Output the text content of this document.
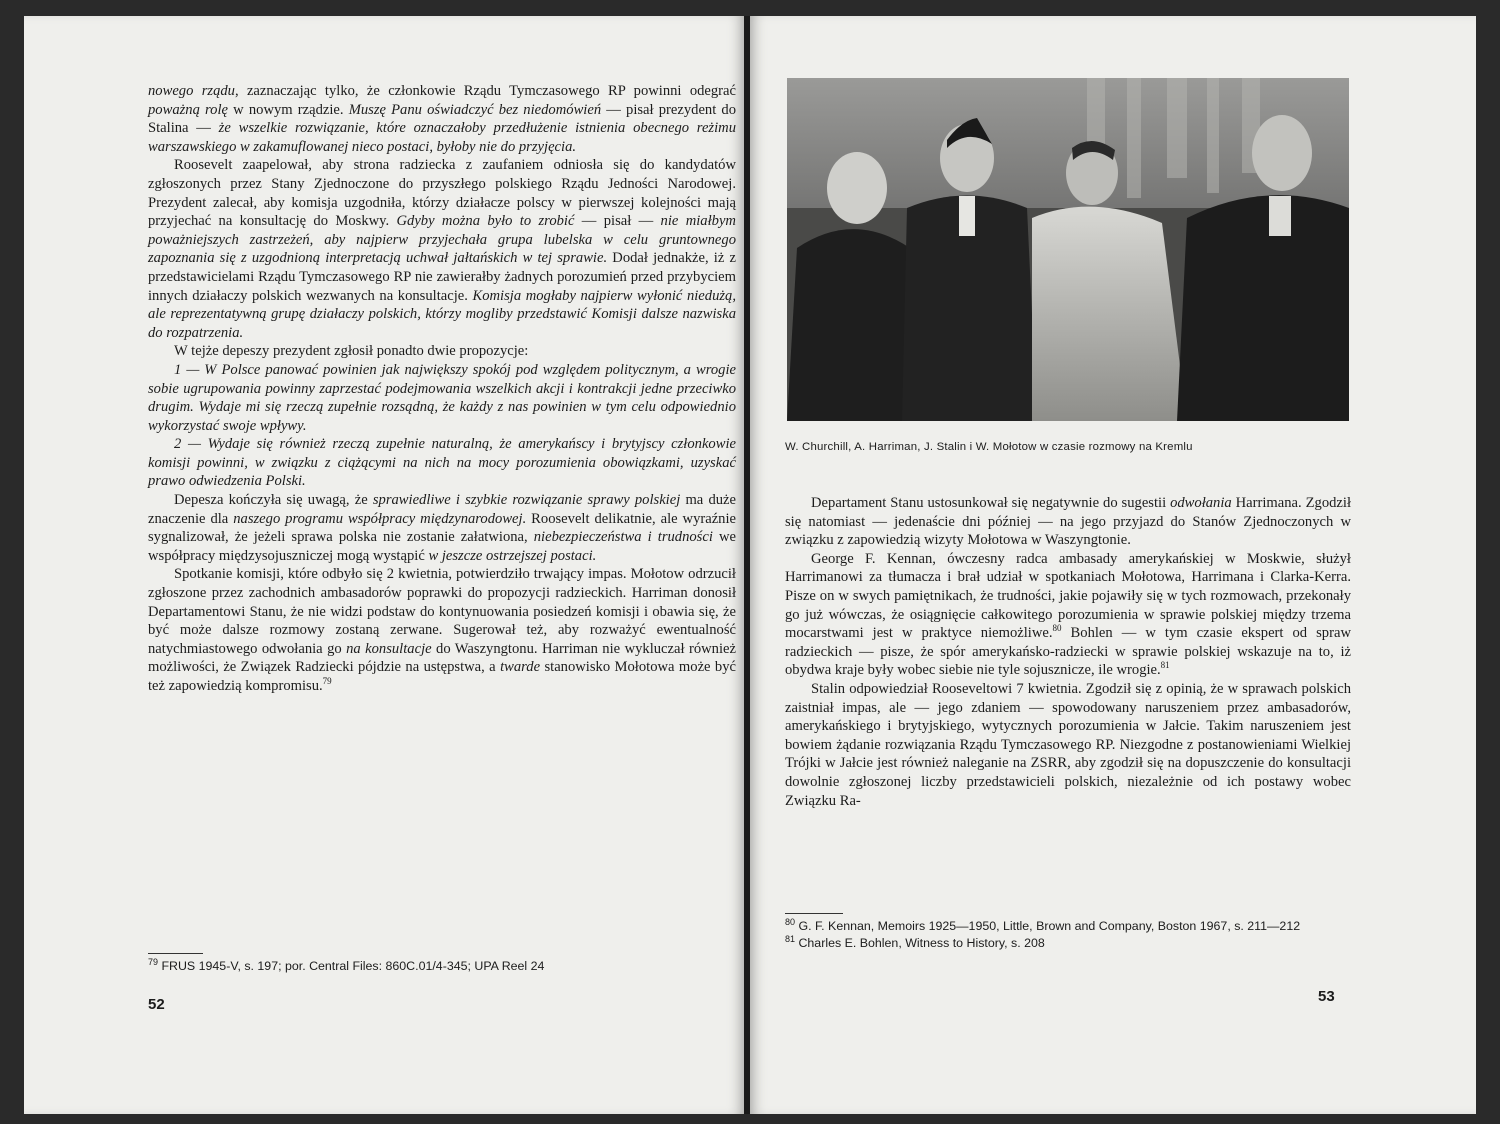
nowego rządu, zaznaczając tylko, że członkowie Rządu Tymczasowego RP powinni odegrać poważną rolę w nowym rządzie. Muszę Panu oświadczyć bez niedomówień — pisał prezydent do Stalina — że wszelkie rozwiązanie, które oznaczałoby przedłużenie istnienia obecnego reżimu warszawskiego w zakamuflowanej nieco postaci, byłoby nie do przyjęcia.

Roosevelt zaapelował, aby strona radziecka z zaufaniem odniosła się do kandydatów zgłoszonych przez Stany Zjednoczone do przyszłego polskiego Rządu Jedności Narodowej. Prezydent zalecał, aby komisja uzgodniła, którzy działacze polscy w pierwszej kolejności mają przyjechać na konsultację do Moskwy. Gdyby można było to zrobić — pisał — nie miałbym poważniejszych zastrzeżeń, aby najpierw przyjechała grupa lubelska w celu gruntownego zapoznania się z uzgodnioną interpretacją uchwał jałtańskich w tej sprawie. Dodał jednakże, iż z przedstawicielami Rządu Tymczasowego RP nie zawierałby żadnych porozumień przed przybyciem innych działaczy polskich wezwanych na konsultacje. Komisja mogłaby najpierw wyłonić niedużą, ale reprezentatywną grupę działaczy polskich, którzy mogliby przedstawić Komisji dalsze nazwiska do rozpatrzenia.

W tejże depeszy prezydent zgłosił ponadto dwie propozycje:

1 — W Polsce panować powinien jak największy spokój pod względem politycznym, a wrogie sobie ugrupowania powinny zaprzestać podejmowania wszelkich akcji i kontrakcji jedne przeciwko drugim. Wydaje mi się rzeczą zupełnie rozsądną, że każdy z nas powinien w tym celu odpowiednio wykorzystać swoje wpływy.

2 — Wydaje się również rzeczą zupełnie naturalną, że amerykańscy i brytyjscy członkowie komisji powinni, w związku z ciążącymi na nich na mocy porozumienia obowiązkami, uzyskać prawo odwiedzenia Polski.

Depesza kończyła się uwagą, że sprawiedliwe i szybkie rozwiązanie sprawy polskiej ma duże znaczenie dla naszego programu współpracy międzynarodowej. Roosevelt delikatnie, ale wyraźnie sygnalizował, że jeżeli sprawa polska nie zostanie załatwiona, niebezpieczeństwa i trudności we współpracy międzysojuszniczej mogą wystąpić w jeszcze ostrzejszej postaci.

Spotkanie komisji, które odbyło się 2 kwietnia, potwierdziło trwający impas. Mołotow odrzucił zgłoszone przez zachodnich ambasadorów poprawki do propozycji radzieckich. Harriman donosił Departamentowi Stanu, że nie widzi podstaw do kontynuowania posiedzeń komisji i obawia się, że być może dalsze rozmowy zostaną zerwane. Sugerował też, aby rozważyć ewentualność natychmiastowego odwołania go na konsultacje do Waszyngtonu. Harriman nie wykluczał również możliwości, że Związek Radziecki pójdzie na ustępstwa, a twarde stanowisko Mołotowa może być też zapowiedzią kompromisu.$^{79}$

$^{79}$ FRUS 1945-V, s. 197; por. Central Files: 860C.01/4-345; UPA Reel 24
52
W. Churchill, A. Harriman, J. Stalin i W. Mołotow w czasie rozmowy na Kremlu

Departament Stanu ustosunkował się negatywnie do sugestii odwołania Harrimana. Zgodził się natomiast — jedenaście dni później — na jego przyjazd do Stanów Zjednoczonych w związku z zapowiedzią wizyty Mołotowa w Waszyngtonie.

George F. Kennan, ówczesny radca ambasady amerykańskiej w Moskwie, służył Harrimanowi za tłumacza i brał udział w spotkaniach Mołotowa, Harrimana i Clarka-Kerra. Pisze on w swych pamiętnikach, że trudności, jakie pojawiły się w tych rozmowach, przekonały go już wówczas, że osiągnięcie całkowitego porozumienia w sprawie polskiej między trzema mocarstwami jest w praktyce niemożliwe.$^{80}$ Bohlen — w tym czasie ekspert od spraw radzieckich — pisze, że spór amerykańsko-radziecki w sprawie polskiej wskazuje na to, iż obydwa kraje były wobec siebie nie tyle sojusznicze, ile wrogie.$^{81}$

Stalin odpowiedział Rooseveltowi 7 kwietnia. Zgodził się z opinią, że w sprawach polskich zaistniał impas, ale — jego zdaniem — spowodowany naruszeniem przez ambasadorów, amerykańskiego i brytyjskiego, wytycznych porozumienia w Jałcie. Takim naruszeniem jest bowiem żądanie rozwiązania Rządu Tymczasowego RP. Niezgodne z postanowieniami Wielkiej Trójki w Jałcie jest również naleganie na ZSRR, aby zgodził się na dopuszczenie do konsultacji dowolnie zgłoszonej liczby przedstawicieli polskich, niezależnie od ich postawy wobec Związku Ra-

$^{80}$ G. F. Kennan, Memoirs 1925—1950, Little, Brown and Company, Boston 1967, s. 211—212
$^{81}$ Charles E. Bohlen, Witness to History, s. 208
53
